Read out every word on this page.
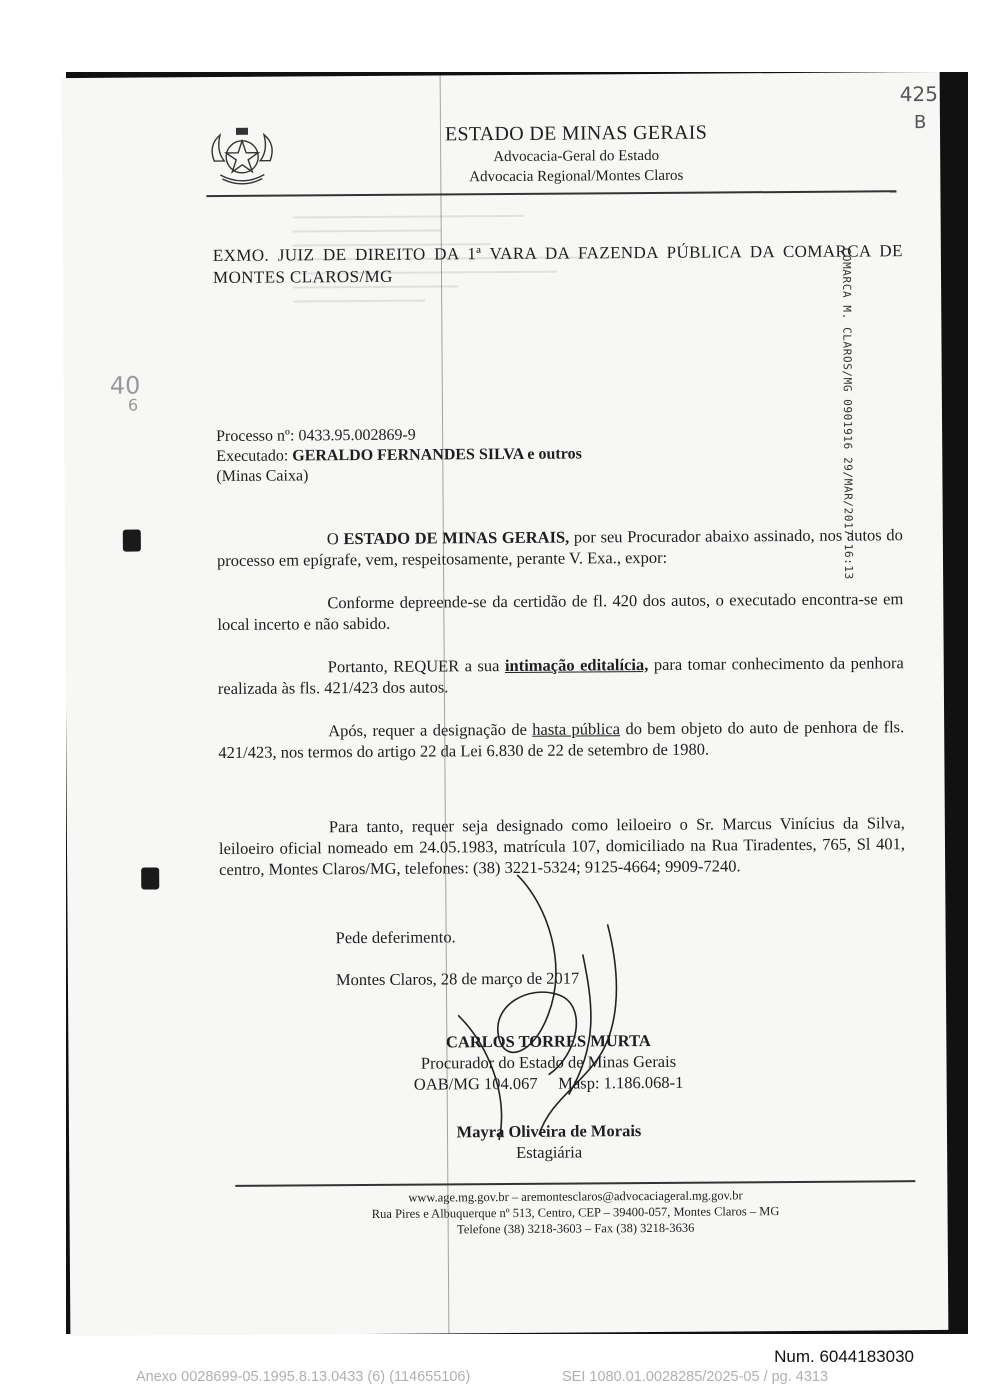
ESTADO DE MINAS GERAIS
Advocacia-Geral do Estado
Advocacia Regional/Montes Claros
425
B
40
6	COMARCA M. CLAROS/MG 0901916 29/MAR/2017 16:13
EXMO. JUIZ DE DIREITO DA 1ª VARA DA FAZENDA PÚBLICA DA COMARCA DE MONTES CLAROS/MG
Processo nº: 0433.95.002869-9
Executado: GERALDO FERNANDES SILVA e outros
(Minas Caixa)

O ESTADO DE MINAS GERAIS, por seu Procurador abaixo assinado, nos autos do processo em epígrafe, vem, respeitosamente, perante V. Exa., expor:

Conforme depreende-se da certidão de fl. 420 dos autos, o executado encontra-se em local incerto e não sabido.

Portanto, REQUER a sua intimação editalícia, para tomar conhecimento da penhora realizada às fls. 421/423 dos autos.

Após, requer a designação de hasta pública do bem objeto do auto de penhora de fls. 421/423, nos termos do artigo 22 da Lei 6.830 de 22 de setembro de 1980.

Para tanto, requer seja designado como leiloeiro o Sr. Marcus Vinícius da Silva, leiloeiro oficial nomeado em 24.05.1983, matrícula 107, domiciliado na Rua Tiradentes, 765, Sl 401, centro, Montes Claros/MG, telefones: (38) 3221-5324; 9125-4664; 9909-7240.

Pede deferimento.
Montes Claros, 28 de março de 2017
CARLOS TORRES MURTA
Procurador do Estado de Minas Gerais
OAB/MG 104.067     Masp: 1.186.068-1
Mayra Oliveira de Morais
Estagiária
www.age.mg.gov.br – aremontesclaros@advocaciageral.mg.gov.br
Rua Pires e Albuquerque nº 513, Centro, CEP – 39400-057, Montes Claros – MG
Telefone (38) 3218-3603 – Fax (38) 3218-3636
Num. 6044183030
Anexo 0028699-05.1995.8.13.0433 (6) (114655106)	SEI 1080.01.0028285/2025-05 / pg. 4313
